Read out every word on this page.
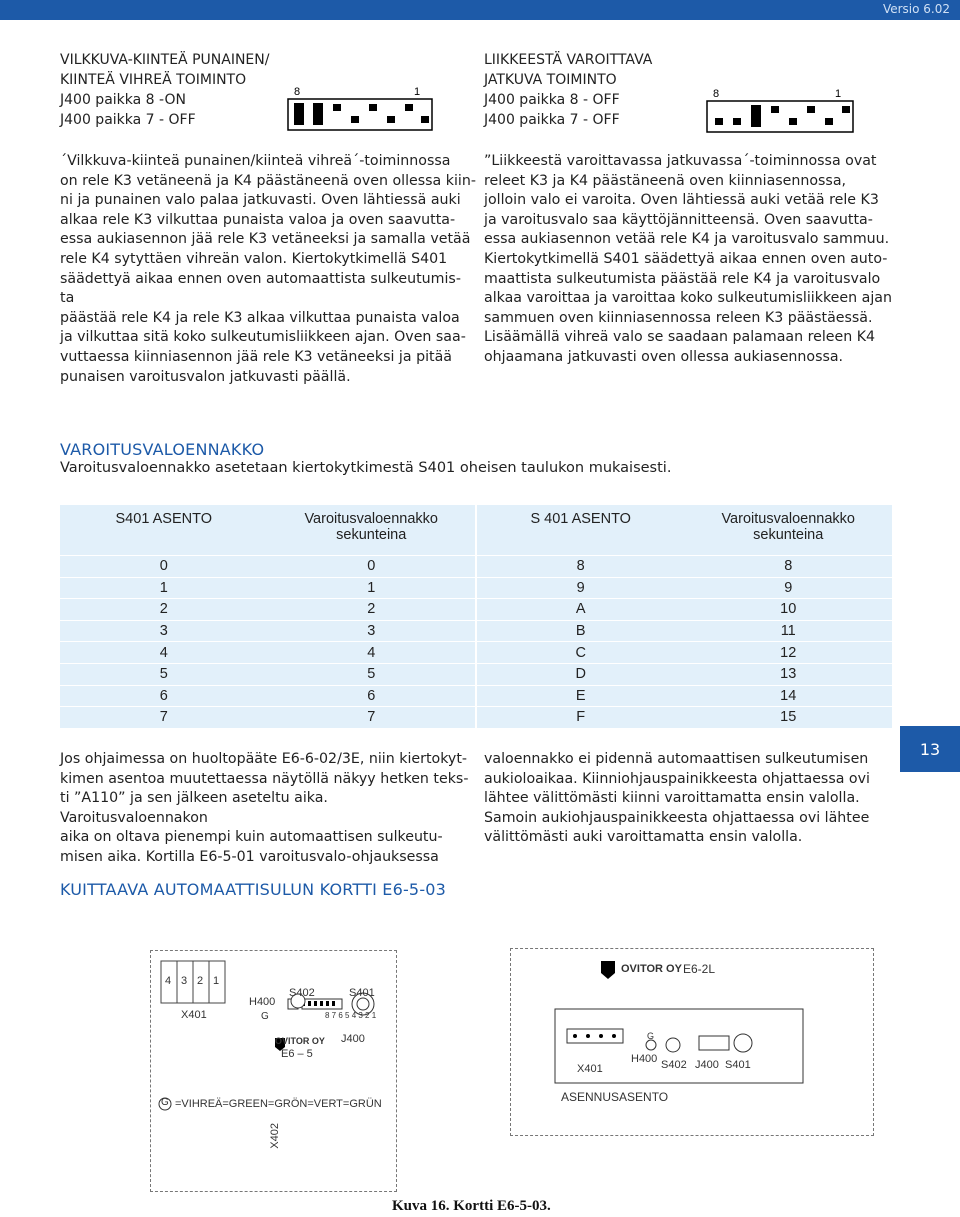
Versio 6.02
VILKKUVA-KIINTEÄ PUNAINEN/
KIINTEÄ VIHREÄ TOIMINTO
J400 paikka 8 -ON
J400 paikka 7 - OFF
8	1

´Vilkkuva-kiinteä punainen/kiinteä vihreä´-toiminnossa

on rele K3 vetäneenä ja K4 päästäneenä oven ollessa kiin-

ni ja punainen valo palaa jatkuvasti. Oven lähtiessä auki

alkaa rele K3 vilkuttaa punaista valoa ja oven saavutta-

essa aukiasennon jää rele K3 vetäneeksi ja samalla vetää

rele K4 sytyttäen vihreän valon. Kiertokytkimellä S401

säädettyä aikaa ennen oven automaattista sulkeutumis-

ta

päästää rele K4 ja rele K3 alkaa vilkuttaa punaista valoa

ja vilkuttaa sitä koko sulkeutumisliikkeen ajan. Oven saa-

vuttaessa kiinniasennon jää rele K3 vetäneeksi ja pitää

punaisen varoitusvalon jatkuvasti päällä.

LIIKKEESTÄ VAROITTAVA
JATKUVA TOIMINTO
J400 paikka 8 - OFF
J400 paikka 7 - OFF
8	1

”Liikkeestä varoittavassa jatkuvassa´-toiminnossa ovat

releet K3 ja K4 päästäneenä oven kiinniasennossa,

jolloin valo ei varoita. Oven lähtiessä auki vetää rele K3

ja varoitusvalo saa käyttöjännitteensä. Oven saavutta-

essa aukiasennon vetää rele K4 ja varoitusvalo sammuu.

Kiertokytkimellä S401 säädettyä aikaa ennen oven auto-

maattista sulkeutumista päästää rele K4 ja varoitusvalo

alkaa varoittaa ja varoittaa koko sulkeutumisliikkeen ajan

sammuen oven kiinniasennossa releen K3 päästäessä.

Lisäämällä vihreä valo se saadaan palamaan releen K4

ohjaamana jatkuvasti oven ollessa aukiasennossa.

VAROITUSVALOENNAKKO
Varoitusvaloennakko asetetaan kiertokytkimestä S401 oheisen taulukon mukaisesti.
S401 ASENTO	Varoitusvaloennakko
sekunteina		S 401 ASENTO	Varoitusvaloennakko
sekunteina
0	0		8	8
1	1		9	9
2	2		A	10
3	3		B	11
4	4		C	12
5	5		D	13
6	6		E	14
7	7		F	15

Jos ohjaimessa on huoltopääte E6-6-02/3E, niin kiertokyt-

kimen asentoa muutettaessa näytöllä näkyy hetken teks-

ti ”A110” ja sen jälkeen aseteltu aika. Varoitusvaloennakon

aika on oltava pienempi kuin automaattisen sulkeutu-

misen aika. Kortilla E6-5-01 varoitusvalo-ohjauksessa

valoennakko ei pidennä automaattisen sulkeutumisen

aukioloaikaa. Kiinniohjauspainikkeesta ohjattaessa ovi

lähtee välittömästi kiinni varoittamatta ensin valolla.

Samoin aukiohjauspainikkeesta ohjattaessa ovi lähtee

välittömästi auki varoittamatta ensin valolla.

13
KUITTAAVA AUTOMAATTISULUN KORTTI E6-5-03
4 3 2 1
X401
H400
G
S402	S401
8 7 6 5 4 3 2 1
OVITOR OY J400
E6 – 5
G =VIHREÄ=GREEN=GRÖN=VERT=GRÜN
X402
OVITOR OY E6-2L
G
H400
X401	S402 J400 S401
ASENNUSASENTO
Kuva 16. Kortti E6-5-03.
